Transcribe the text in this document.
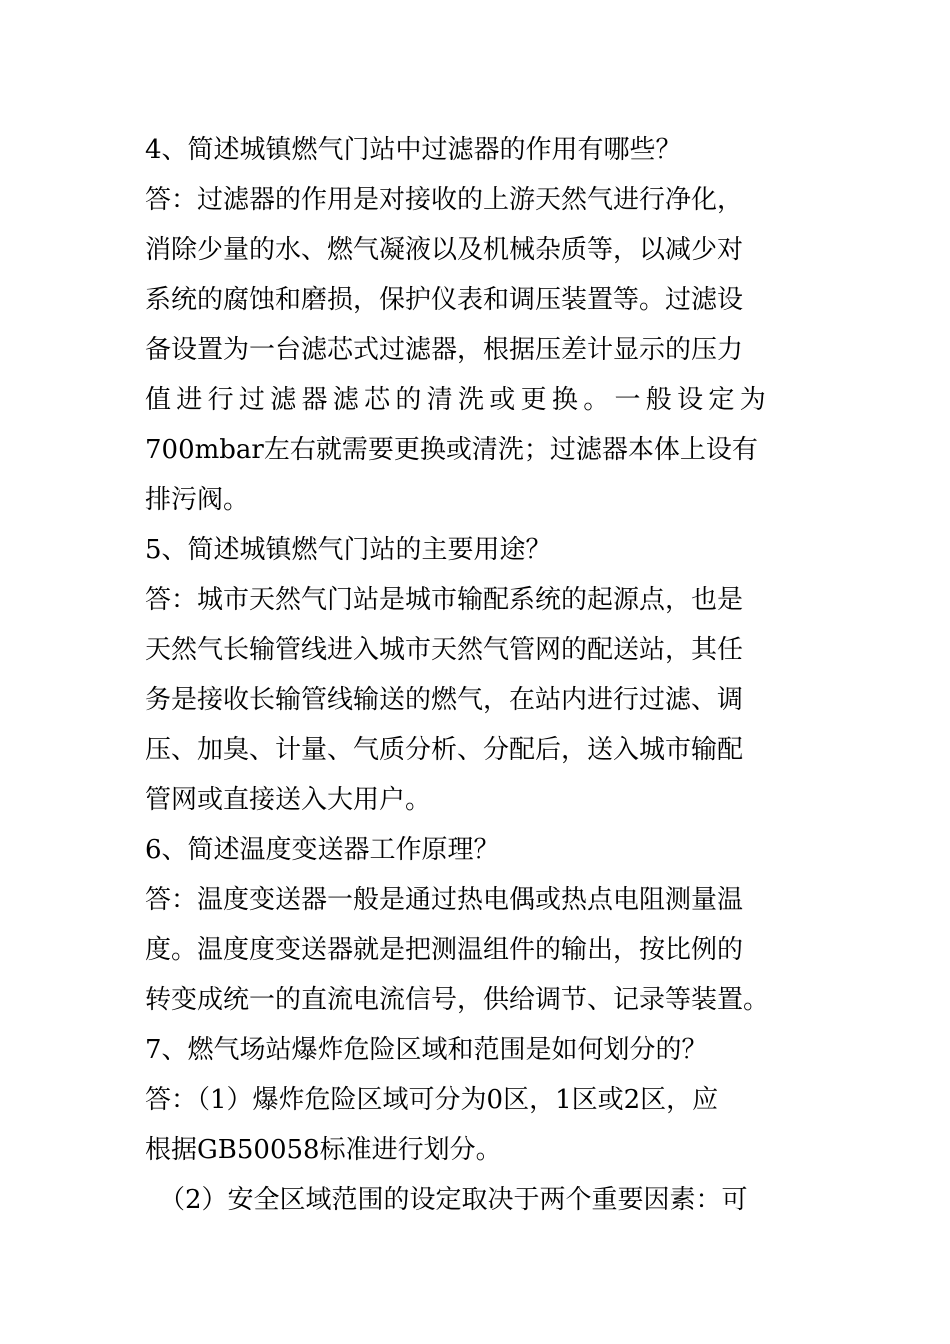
4、简述城镇燃气门站中过滤器的作用有哪些？
答：过滤器的作用是对接收的上游天然气进行净化，
消除少量的水、燃气凝液以及机械杂质等，以减少对
系统的腐蚀和磨损，保护仪表和调压装置等。过滤设
备设置为一台滤芯式过滤器，根据压差计显示的压力
值进行过滤器滤芯的清洗或更换。一般设定为
700mbar左右就需要更换或清洗；过滤器本体上设有
排污阀。
5、简述城镇燃气门站的主要用途？
答：城市天然气门站是城市输配系统的起源点，也是
天然气长输管线进入城市天然气管网的配送站，其任
务是接收长输管线输送的燃气，在站内进行过滤、调
压、加臭、计量、气质分析、分配后，送入城市输配
管网或直接送入大用户。
6、简述温度变送器工作原理？
答：温度变送器一般是通过热电偶或热点电阻测量温
度。温度度变送器就是把测温组件的输出，按比例的
转变成统一的直流电流信号，供给调节、记录等装置。
7、燃气场站爆炸危险区域和范围是如何划分的？
答：（1）爆炸危险区域可分为0区，1区或2区，应
根据GB50058标准进行划分。
（2）安全区域范围的设定取决于两个重要因素：可
